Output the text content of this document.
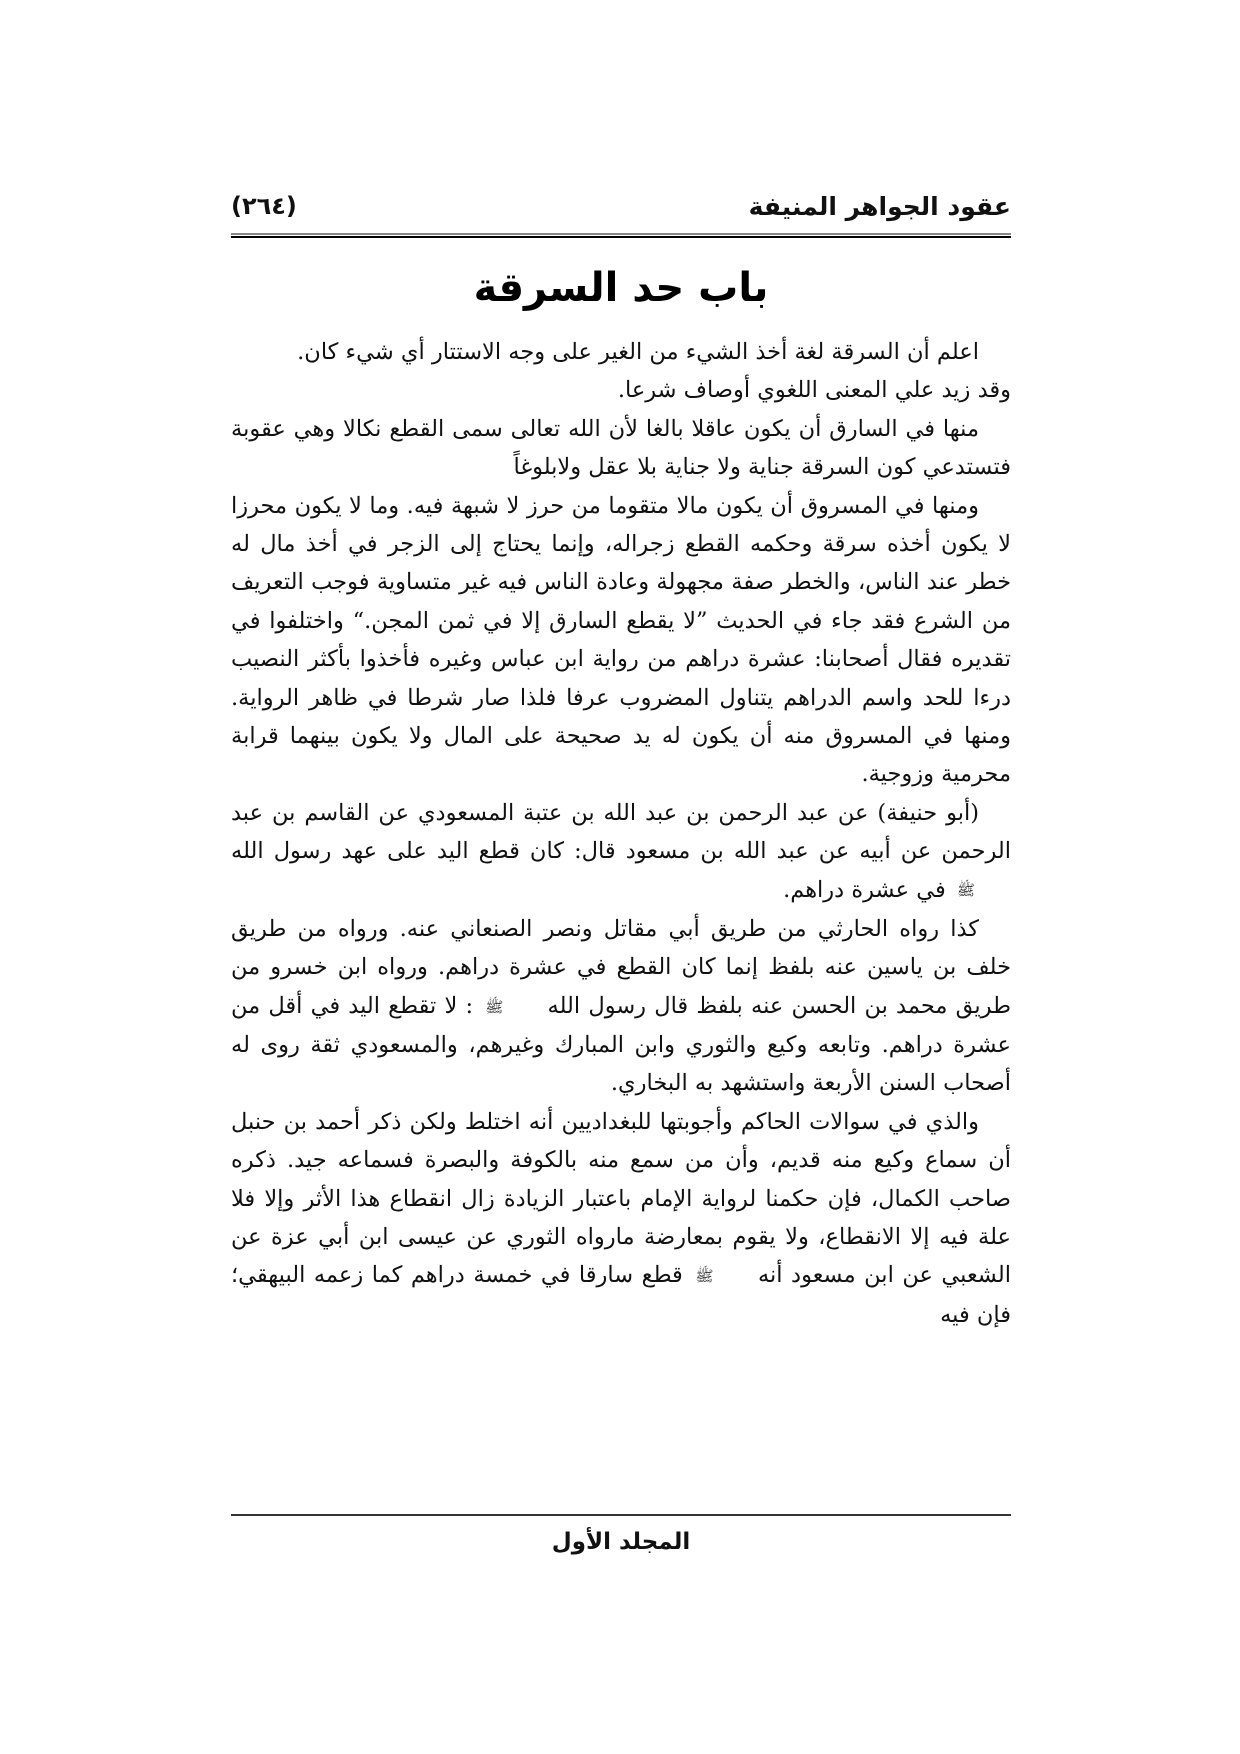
عقود الجواهر المنيفة
(٢٦٤)
باب حد السرقة

اعلم أن السرقة لغة أخذ الشيء من الغير على وجه الاستتار أي شيء كان.

وقد زيد علي المعنى اللغوي أوصاف شرعا.

منها في السارق أن يكون عاقلا بالغا لأن الله تعالى سمى القطع نكالا وهي عقوبة فتستدعي كون السرقة جناية ولا جناية بلا عقل ولابلوغاً

ومنها في المسروق أن يكون مالا متقوما من حرز لا شبهة فيه. وما لا يكون محرزا لا يكون أخذه سرقة وحكمه القطع زجراله، وإنما يحتاج إلى الزجر في أخذ مال له خطر عند الناس، والخطر صفة مجهولة وعادة الناس فيه غير متساوية فوجب التعريف من الشرع فقد جاء في الحديث ”لا يقطع السارق إلا في ثمن المجن.“ واختلفوا في تقديره فقال أصحابنا: عشرة دراهم من رواية ابن عباس وغيره فأخذوا بأكثر النصيب درءا للحد واسم الدراهم يتناول المضروب عرفا فلذا صار شرطا في ظاهر الرواية. ومنها في المسروق منه أن يكون له يد صحيحة على المال ولا يكون بينهما قرابة محرمية وزوجية.

(أبو حنيفة) عن عبد الرحمن بن عبد الله بن عتبة المسعودي عن القاسم بن عبد الرحمن عن أبيه عن عبد الله بن مسعود قال: كان قطع اليد على عهد رسول الله ﷺ في عشرة دراهم.

كذا رواه الحارثي من طريق أبي مقاتل ونصر الصنعاني عنه. ورواه من طريق خلف بن ياسين عنه بلفظ إنما كان القطع في عشرة دراهم. ورواه ابن خسرو من طريق محمد بن الحسن عنه بلفظ قال رسول الله ﷺ : لا تقطع اليد في أقل من عشرة دراهم. وتابعه وكيع والثوري وابن المبارك وغيرهم، والمسعودي ثقة روى له أصحاب السنن الأربعة واستشهد به البخاري.

والذي في سوالات الحاكم وأجوبتها للبغداديين أنه اختلط ولكن ذكر أحمد بن حنبل أن سماع وكيع منه قديم، وأن من سمع منه بالكوفة والبصرة فسماعه جيد. ذكره صاحب الكمال، فإن حكمنا لرواية الإمام باعتبار الزيادة زال انقطاع هذا الأثر وإلا فلا علة فيه إلا الانقطاع، ولا يقوم بمعارضة مارواه الثوري عن عيسى ابن أبي عزة عن الشعبي عن ابن مسعود أنه ﷺ قطع سارقا في خمسة دراهم كما زعمه البيهقي؛ فإن فيه

المجلد الأول
